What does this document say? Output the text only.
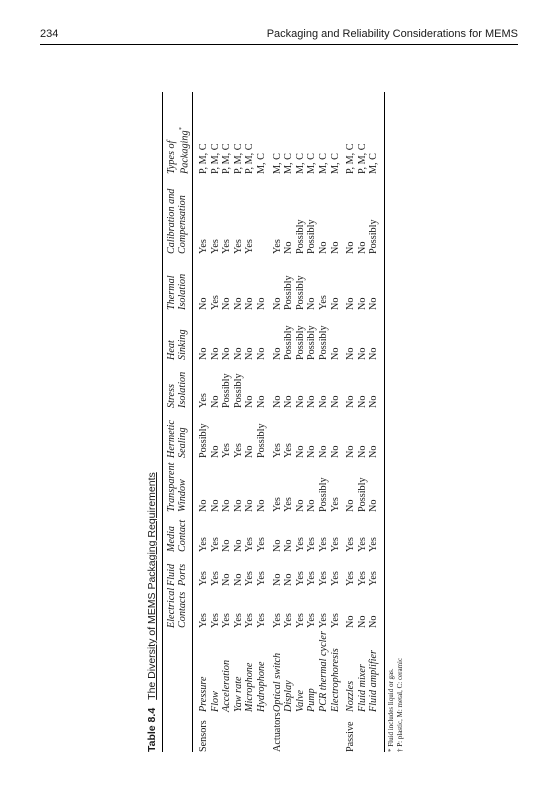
234	Packaging and Reliability Considerations for MEMS
Table 8.4The Diversity of MEMS Packaging Requirements Electrical Contacts
Fluid Ports
Media Contact
Transparent Window
Hermetic Sealing
Stress Isolation
Heat Sinking
Thermal Isolation
Calibration and Compensation
Types of Packaging*
Sensors
Pressure
Yes
Yes
Yes
No
Possibly
Yes
No
No
Yes
P, M, C
Flow
Yes
Yes
Yes
No
No
No
No
Yes
Yes
P, M, C
Acceleration
Yes
No
No
No
Yes
Possibly
No
No
Yes
P, M, C
Yaw rate
Yes
No
No
No
Yes
Possibly
No
No
Yes
P, M, C
Microphone
Yes
Yes
Yes
No
No
No
No
No
Yes
P, M, C
Hydrophone
Yes
Yes
Yes
No
Possibly
No
No
No
M, C
Actuators
Optical switch
Yes
No
No
Yes
Yes
No
No
No
Yes
M, C
Display
Yes
No
No
Yes
Yes
No
Possibly
Possibly
No
M, C
Valve
Yes
Yes
Yes
No
No
No
Possibly
Possibly
Possibly
M, C
Pump
Yes
Yes
Yes
No
No
No
Possibly
No
Possibly
M, C
PCR thermal cycler
Yes
Yes
Yes
Possibly
No
No
Possibly
Yes
No
M, C
Electrophoresis
Yes
Yes
Yes
Yes
No
No
No
No
No
M, C
Passive
Nozzles
No
Yes
Yes
No
No
No
No
No
No
P, M, C
Fluid mixer
No
Yes
Yes
Possibly
No
No
No
No
No
P, M, C
Fluid amplifier
No
Yes
Yes
No
No
No
No
No
Possibly
M, C
* Fluid includes liquid or gas. † P: plastic, M: metal, C: ceramic
